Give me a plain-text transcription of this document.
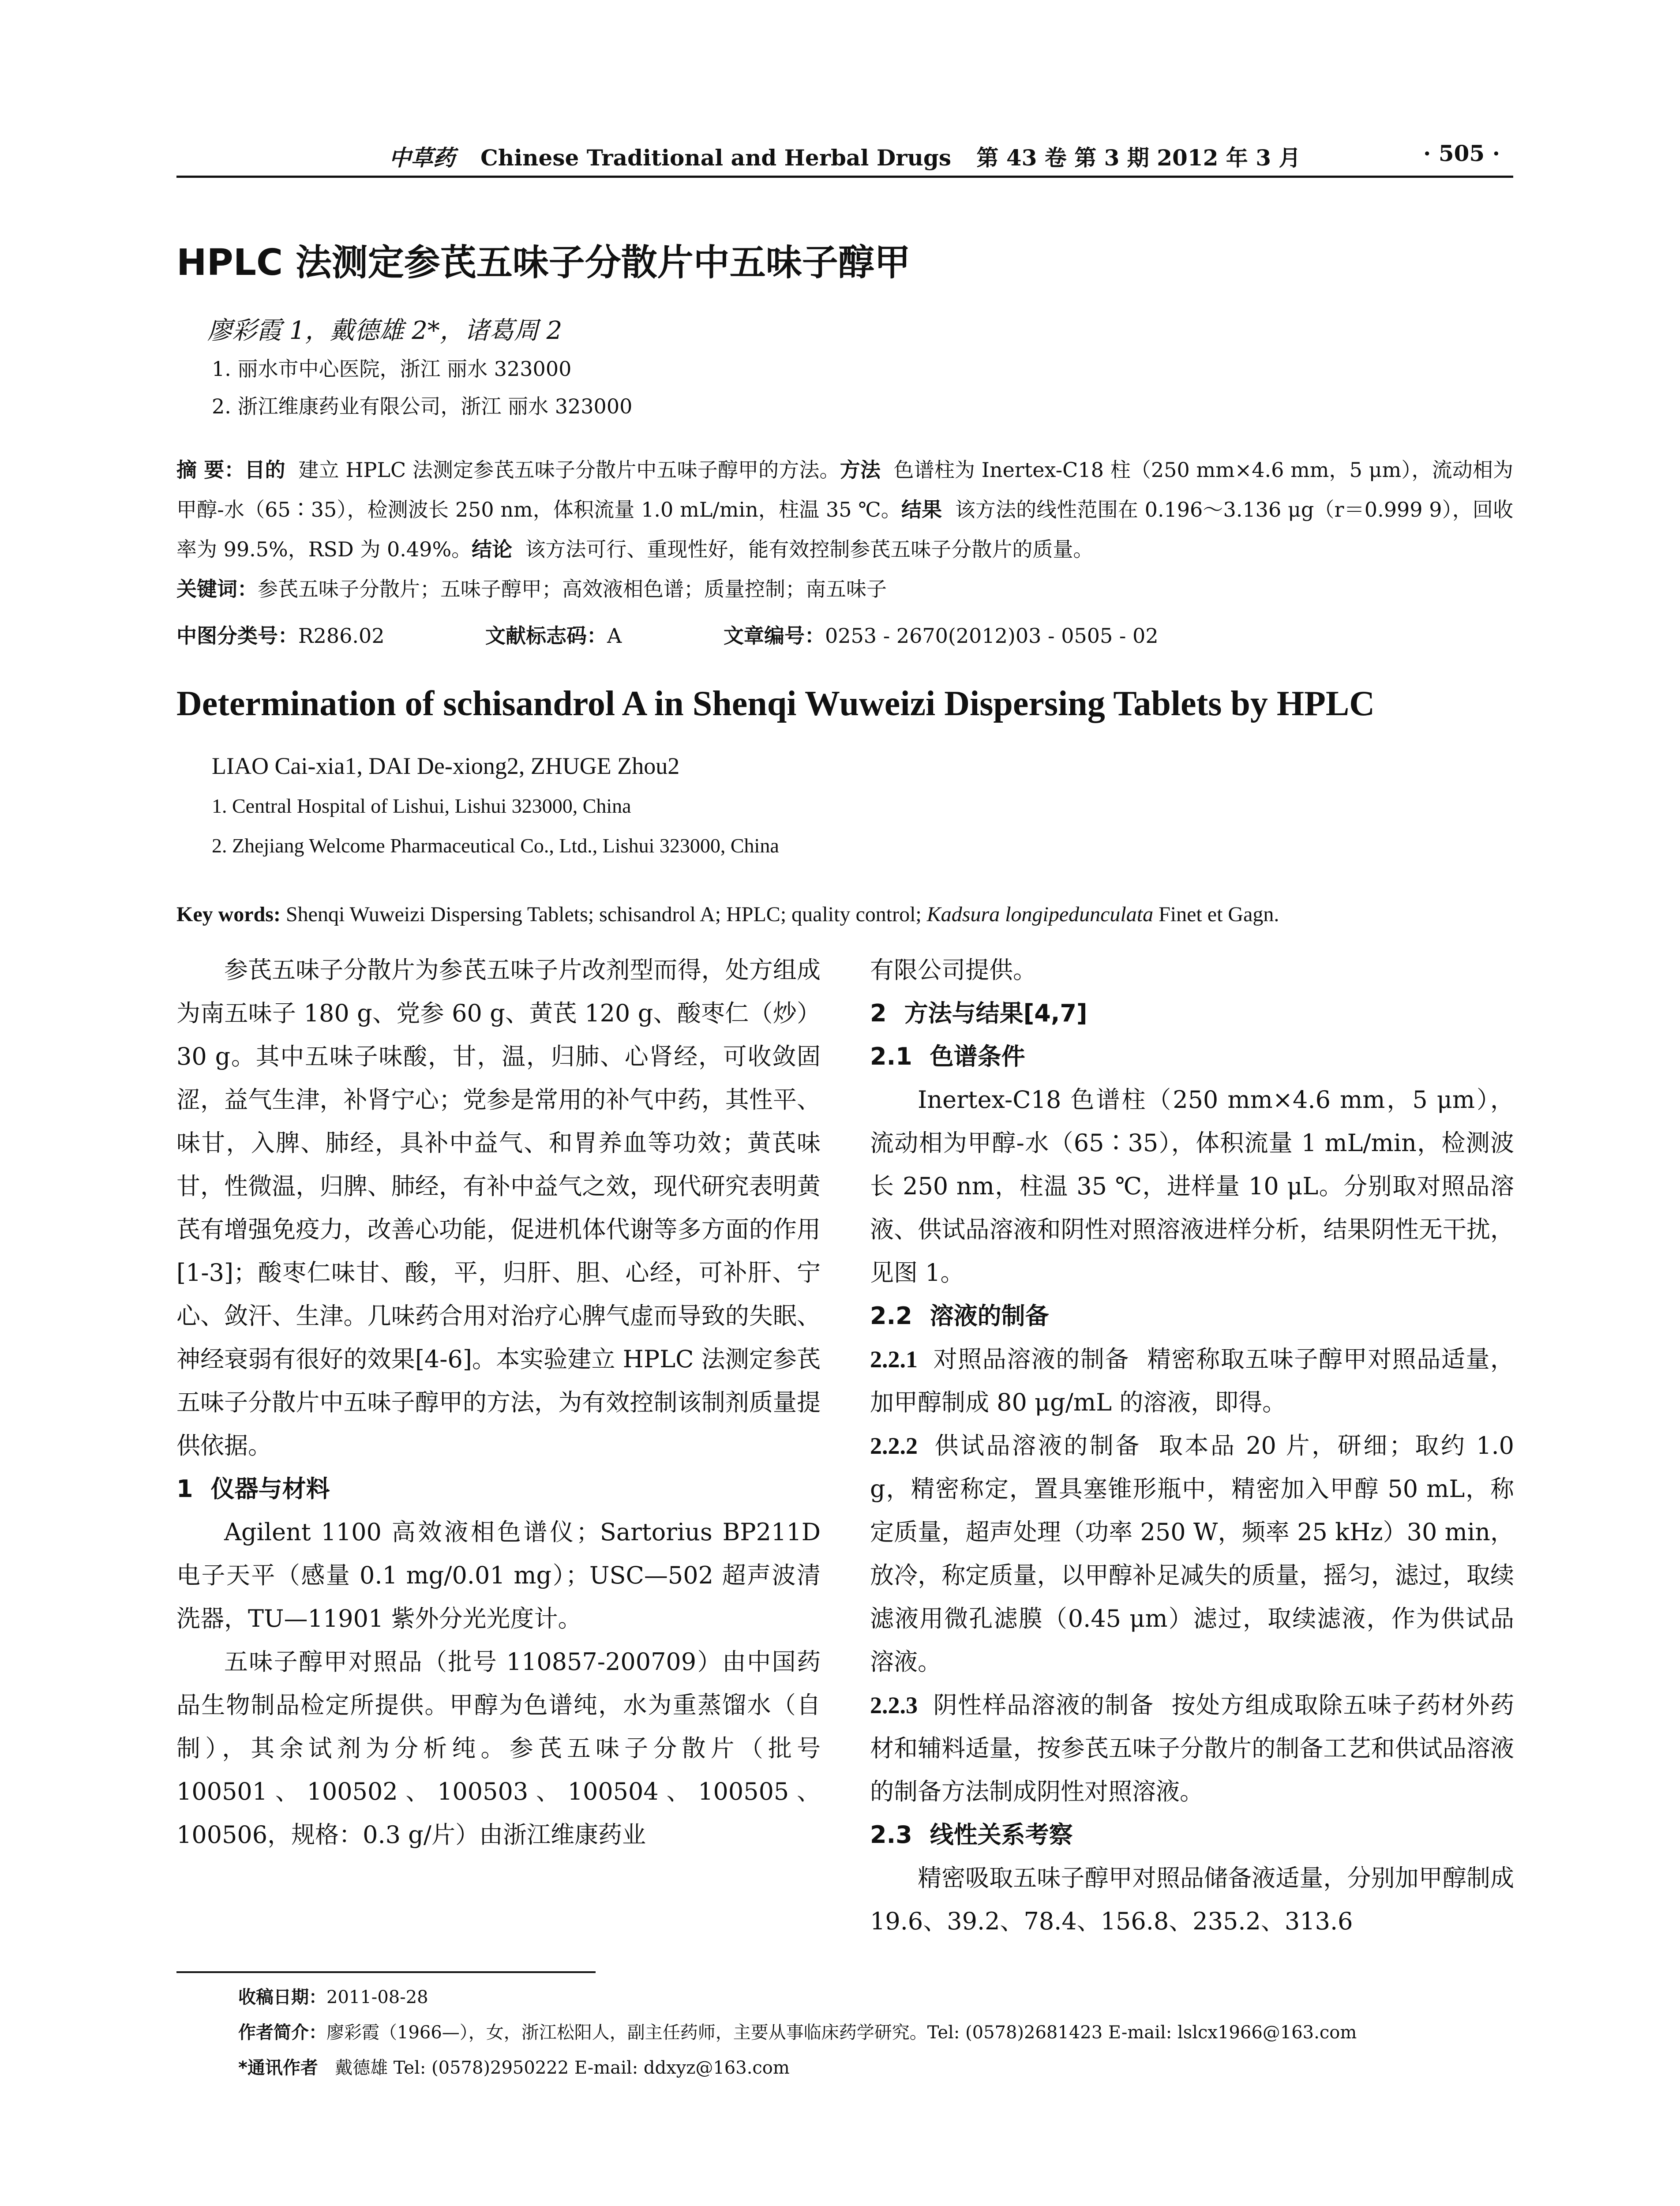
中草药 Chinese Traditional and Herbal Drugs 第 43 卷 第 3 期 2012 年 3 月	· 505 ·
HPLC 法测定参芪五味子分散片中五味子醇甲
廖彩霞 1，戴德雄 2*，诸葛周 2
1. 丽水市中心医院，浙江 丽水 323000
2. 浙江维康药业有限公司，浙江 丽水 323000
摘 要：目的 建立 HPLC 法测定参芪五味子分散片中五味子醇甲的方法。方法 色谱柱为 Inertex-C18 柱（250 mm×4.6 mm，5 μm），流动相为甲醇-水（65∶35），检测波长 250 nm，体积流量 1.0 mL/min，柱温 35 ℃。结果 该方法的线性范围在 0.196～3.136 μg（r＝0.999 9），回收率为 99.5%，RSD 为 0.49%。结论 该方法可行、重现性好，能有效控制参芪五味子分散片的质量。
关键词：参芪五味子分散片；五味子醇甲；高效液相色谱；质量控制；南五味子
中图分类号：R286.02	文献标志码：A	文章编号：0253 - 2670(2012)03 - 0505 - 02
Determination of schisandrol A in Shenqi Wuweizi Dispersing Tablets by HPLC
LIAO Cai-xia1, DAI De-xiong2, ZHUGE Zhou2
1. Central Hospital of Lishui, Lishui 323000, China
2. Zhejiang Welcome Pharmaceutical Co., Ltd., Lishui 323000, China
Key words: Shenqi Wuweizi Dispersing Tablets; schisandrol A; HPLC; quality control; Kadsura longipedunculata Finet et Gagn.

参芪五味子分散片为参芪五味子片改剂型而得，处方组成为南五味子 180 g、党参 60 g、黄芪 120 g、酸枣仁（炒）30 g。其中五味子味酸，甘，温，归肺、心肾经，可收敛固涩，益气生津，补肾宁心；党参是常用的补气中药，其性平、味甘，入脾、肺经，具补中益气、和胃养血等功效；黄芪味甘，性微温，归脾、肺经，有补中益气之效，现代研究表明黄芪有增强免疫力，改善心功能，促进机体代谢等多方面的作用[1-3]；酸枣仁味甘、酸，平，归肝、胆、心经，可补肝、宁心、敛汗、生津。几味药合用对治疗心脾气虚而导致的失眠、神经衰弱有很好的效果[4-6]。本实验建立 HPLC 法测定参芪五味子分散片中五味子醇甲的方法，为有效控制该制剂质量提供依据。

1 仪器与材料

Agilent 1100 高效液相色谱仪；Sartorius BP211D 电子天平（感量 0.1 mg/0.01 mg）；USC—502 超声波清洗器，TU—11901 紫外分光光度计。

五味子醇甲对照品（批号 110857-200709）由中国药品生物制品检定所提供。甲醇为色谱纯，水为重蒸馏水（自制），其余试剂为分析纯。参芪五味子分散片（批号 100501、100502、100503、100504、100505、100506，规格：0.3 g/片）由浙江维康药业

有限公司提供。

2 方法与结果[4,7]

2.1 色谱条件

Inertex-C18 色谱柱（250 mm×4.6 mm，5 μm），流动相为甲醇-水（65∶35），体积流量 1 mL/min，检测波长 250 nm，柱温 35 ℃，进样量 10 μL。分别取对照品溶液、供试品溶液和阴性对照溶液进样分析，结果阴性无干扰，见图 1。

2.2 溶液的制备

2.2.1 对照品溶液的制备 精密称取五味子醇甲对照品适量，加甲醇制成 80 μg/mL 的溶液，即得。

2.2.2 供试品溶液的制备 取本品 20 片，研细；取约 1.0 g，精密称定，置具塞锥形瓶中，精密加入甲醇 50 mL，称定质量，超声处理（功率 250 W，频率 25 kHz）30 min，放冷，称定质量，以甲醇补足减失的质量，摇匀，滤过，取续滤液用微孔滤膜（0.45 μm）滤过，取续滤液，作为供试品溶液。

2.2.3 阴性样品溶液的制备 按处方组成取除五味子药材外药材和辅料适量，按参芪五味子分散片的制备工艺和供试品溶液的制备方法制成阴性对照溶液。

2.3 线性关系考察

精密吸取五味子醇甲对照品储备液适量，分别加甲醇制成 19.6、39.2、78.4、156.8、235.2、313.6

收稿日期：2011-08-28
作者简介：廖彩霞（1966—），女，浙江松阳人，副主任药师，主要从事临床药学研究。Tel: (0578)2681423 E-mail: lslcx1966@163.com
*通讯作者 戴德雄 Tel: (0578)2950222 E-mail: ddxyz@163.com
